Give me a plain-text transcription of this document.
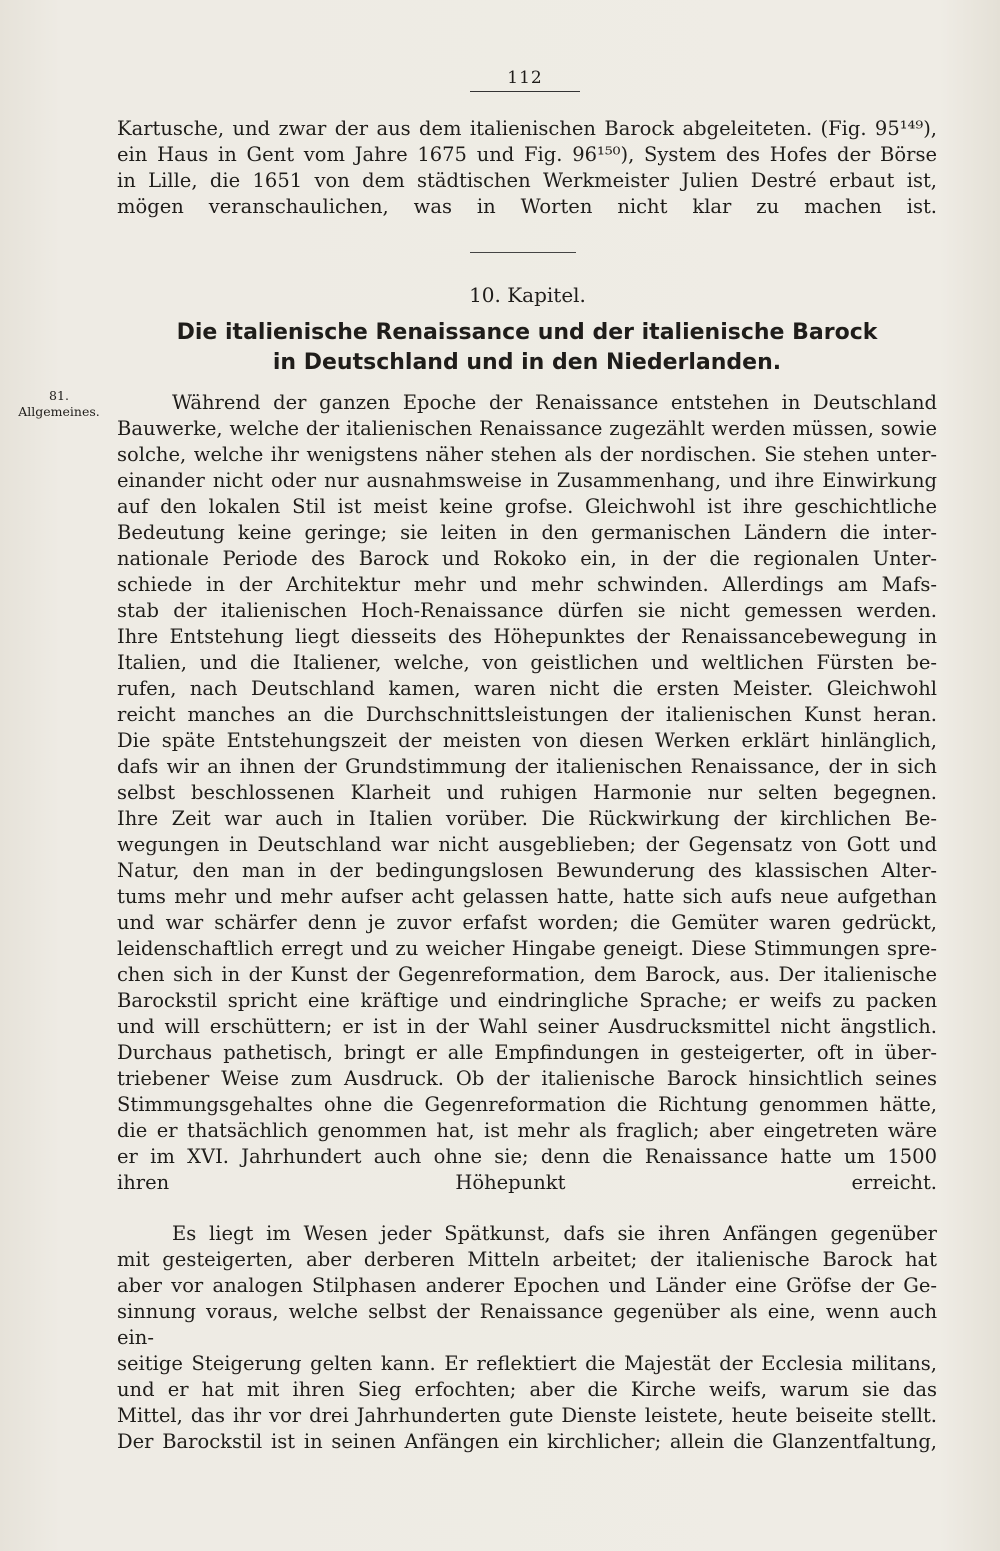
112
Kartusche, und zwar der aus dem italienischen Barock abgeleiteten. (Fig. 95¹⁴⁹),
ein Haus in Gent vom Jahre 1675 und Fig. 96¹⁵⁰), System des Hofes der Börse
in Lille, die 1651 von dem städtischen Werkmeister Julien Destré erbaut ist,
mögen veranschaulichen, was in Worten nicht klar zu machen ist.
10. Kapitel.
Die italienische Renaissance und der italienische Barock
in Deutschland und in den Niederlanden.
81.
Allgemeines.	Während der ganzen Epoche der Renaissance entstehen in Deutschland
Bauwerke, welche der italienischen Renaissance zugezählt werden müssen, sowie
solche, welche ihr wenigstens näher stehen als der nordischen. Sie stehen unter-
einander nicht oder nur ausnahmsweise in Zusammenhang, und ihre Einwirkung
auf den lokalen Stil ist meist keine grofse. Gleichwohl ist ihre geschichtliche
Bedeutung keine geringe; sie leiten in den germanischen Ländern die inter-
nationale Periode des Barock und Rokoko ein, in der die regionalen Unter-
schiede in der Architektur mehr und mehr schwinden. Allerdings am Mafs-
stab der italienischen Hoch-Renaissance dürfen sie nicht gemessen werden.
Ihre Entstehung liegt diesseits des Höhepunktes der Renaissancebewegung in
Italien, und die Italiener, welche, von geistlichen und weltlichen Fürsten be-
rufen, nach Deutschland kamen, waren nicht die ersten Meister. Gleichwohl
reicht manches an die Durchschnittsleistungen der italienischen Kunst heran.
Die späte Entstehungszeit der meisten von diesen Werken erklärt hinlänglich,
dafs wir an ihnen der Grundstimmung der italienischen Renaissance, der in sich
selbst beschlossenen Klarheit und ruhigen Harmonie nur selten begegnen.
Ihre Zeit war auch in Italien vorüber. Die Rückwirkung der kirchlichen Be-
wegungen in Deutschland war nicht ausgeblieben; der Gegensatz von Gott und
Natur, den man in der bedingungslosen Bewunderung des klassischen Alter-
tums mehr und mehr aufser acht gelassen hatte, hatte sich aufs neue aufgethan
und war schärfer denn je zuvor erfafst worden; die Gemüter waren gedrückt,
leidenschaftlich erregt und zu weicher Hingabe geneigt. Diese Stimmungen spre-
chen sich in der Kunst der Gegenreformation, dem Barock, aus. Der italienische
Barockstil spricht eine kräftige und eindringliche Sprache; er weifs zu packen
und will erschüttern; er ist in der Wahl seiner Ausdrucksmittel nicht ängstlich.
Durchaus pathetisch, bringt er alle Empfindungen in gesteigerter, oft in über-
triebener Weise zum Ausdruck. Ob der italienische Barock hinsichtlich seines
Stimmungsgehaltes ohne die Gegenreformation die Richtung genommen hätte,
die er thatsächlich genommen hat, ist mehr als fraglich; aber eingetreten wäre
er im XVI. Jahrhundert auch ohne sie; denn die Renaissance hatte um 1500
ihren Höhepunkt erreicht.
Es liegt im Wesen jeder Spätkunst, dafs sie ihren Anfängen gegenüber
mit gesteigerten, aber derberen Mitteln arbeitet; der italienische Barock hat
aber vor analogen Stilphasen anderer Epochen und Länder eine Gröfse der Ge-
sinnung voraus, welche selbst der Renaissance gegenüber als eine, wenn auch ein-
seitige Steigerung gelten kann. Er reflektiert die Majestät der Ecclesia militans,
und er hat mit ihren Sieg erfochten; aber die Kirche weifs, warum sie das
Mittel, das ihr vor drei Jahrhunderten gute Dienste leistete, heute beiseite stellt.
Der Barockstil ist in seinen Anfängen ein kirchlicher; allein die Glanzentfaltung,
